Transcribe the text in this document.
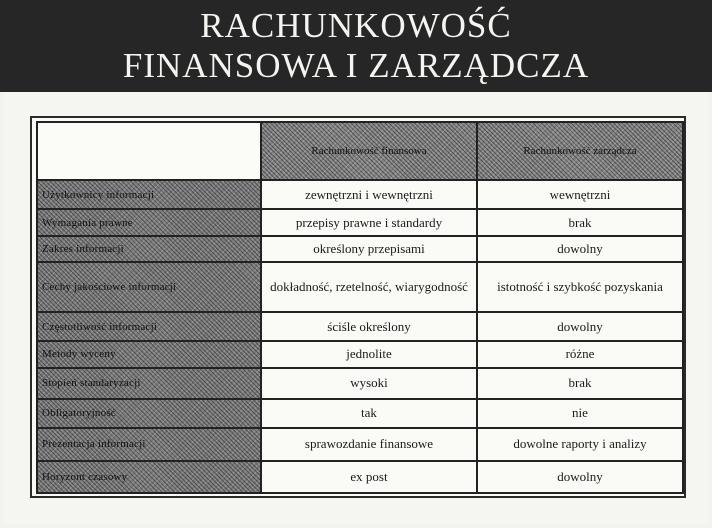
RACHUNKOWOŚĆ
FINANSOWA I ZARZĄDCZA
	Rachunkowość finansowa	Rachunkowość zarządcza
Użytkownicy informacji	zewnętrzni i wewnętrzni	wewnętrzni
Wymagania prawne	przepisy prawne i standardy	brak
Zakres informacji	określony przepisami	dowolny
Cechy jakościowe informacji	dokładność, rzetelność, wiarygodność	istotność i szybkość pozyskania
Częstotliwość informacji	ściśle określony	dowolny
Metody wyceny	jednolite	różne
Stopień standaryzacji	wysoki	brak
Obligatoryjność	tak	nie
Prezentacja informacji	sprawozdanie finansowe	dowolne raporty i analizy
Horyzont czasowy	ex post	dowolny
